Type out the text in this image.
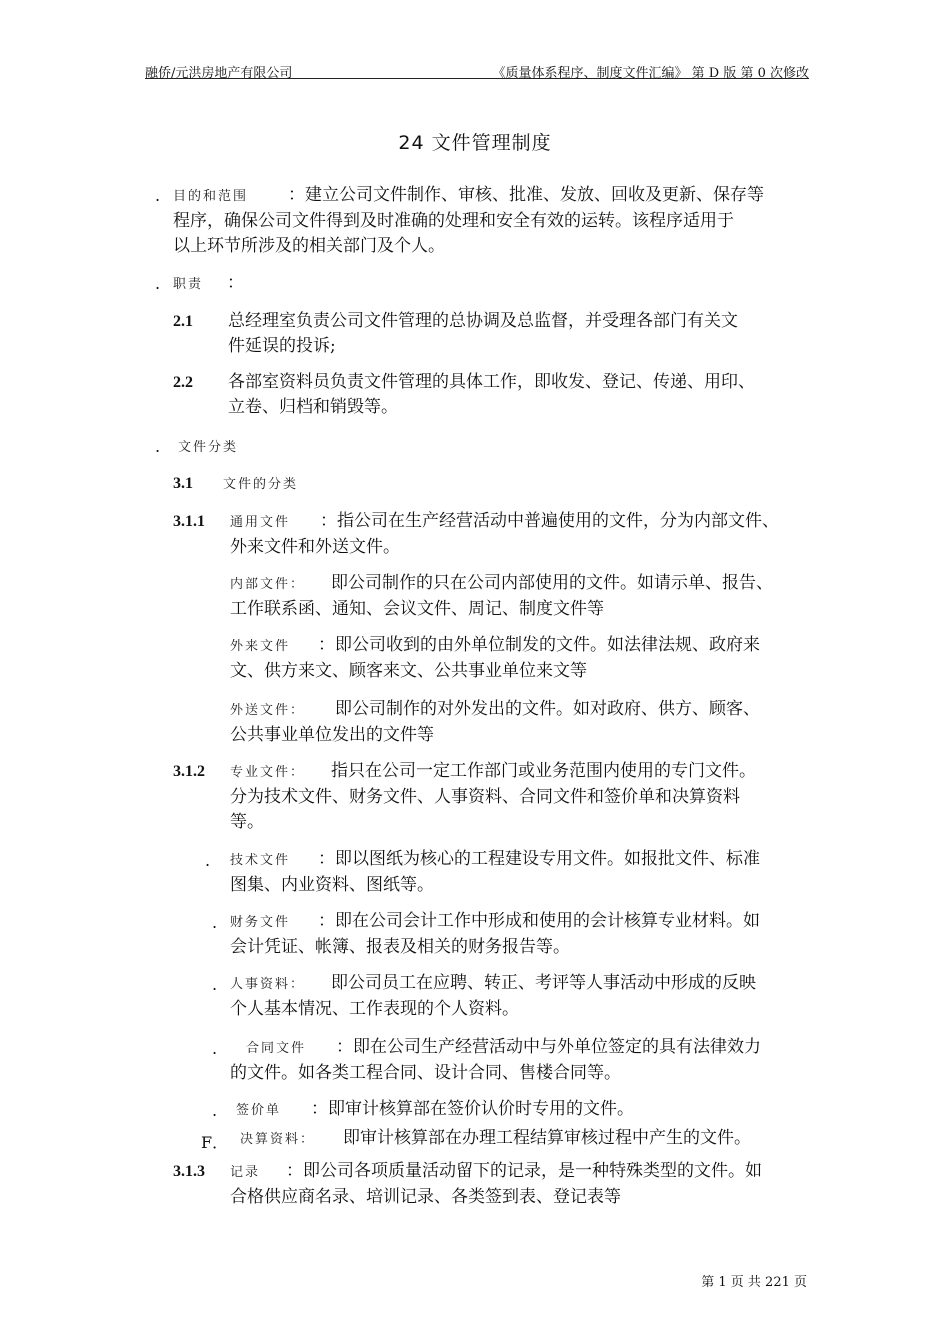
融侨/元洪房地产有限公司	《质量体系程序、制度文件汇编》 第 D 版 第 0 次修改
24 文件管理制度
. 目的和范围 ：建立公司文件制作、审核、批准、发放、回收及更新、保存等
程序，确保公司文件得到及时准确的处理和安全有效的运转。该程序适用于
以上环节所涉及的相关部门及个人。
. 职责 ：
2.1 总经理室负责公司文件管理的总协调及总监督，并受理各部门有关文
件延误的投诉;
2.2 各部室资料员负责文件管理的具体工作，即收发、登记、传递、用印、
立卷、归档和销毁等。
. 文件分类
3.1 文件的分类
3.1.1 通用文件 ：指公司在生产经营活动中普遍使用的文件，分为内部文件、
外来文件和外送文件。
内部文件： 即公司制作的只在公司内部使用的文件。如请示单、报告、
工作联系函、通知、会议文件、周记、制度文件等
外来文件 ：即公司收到的由外单位制发的文件。如法律法规、政府来
文、供方来文、顾客来文、公共事业单位来文等
外送文件： 即公司制作的对外发出的文件。如对政府、供方、顾客、
公共事业单位发出的文件等
3.1.2 专业文件： 指只在公司一定工作部门或业务范围内使用的专门文件。
分为技术文件、财务文件、人事资料、合同文件和签价单和决算资料
等。
. 技术文件 ：即以图纸为核心的工程建设专用文件。如报批文件、标准
图集、内业资料、图纸等。
. 财务文件 ：即在公司会计工作中形成和使用的会计核算专业材料。如
会计凭证、帐簿、报表及相关的财务报告等。
. 人事资料： 即公司员工在应聘、转正、考评等人事活动中形成的反映
个人基本情况、工作表现的个人资料。
.	合同文件 ：即在公司生产经营活动中与外单位签定的具有法律效力
的文件。如各类工程合同、设计合同、售楼合同等。
. 签价单 ：即审计核算部在签价认价时专用的文件。
F． 决算资料： 即审计核算部在办理工程结算审核过程中产生的文件。
3.1.3 记录 ：即公司各项质量活动留下的记录，是一种特殊类型的文件。如
合格供应商名录、培训记录、各类签到表、登记表等
第 1 页 共 221 页
